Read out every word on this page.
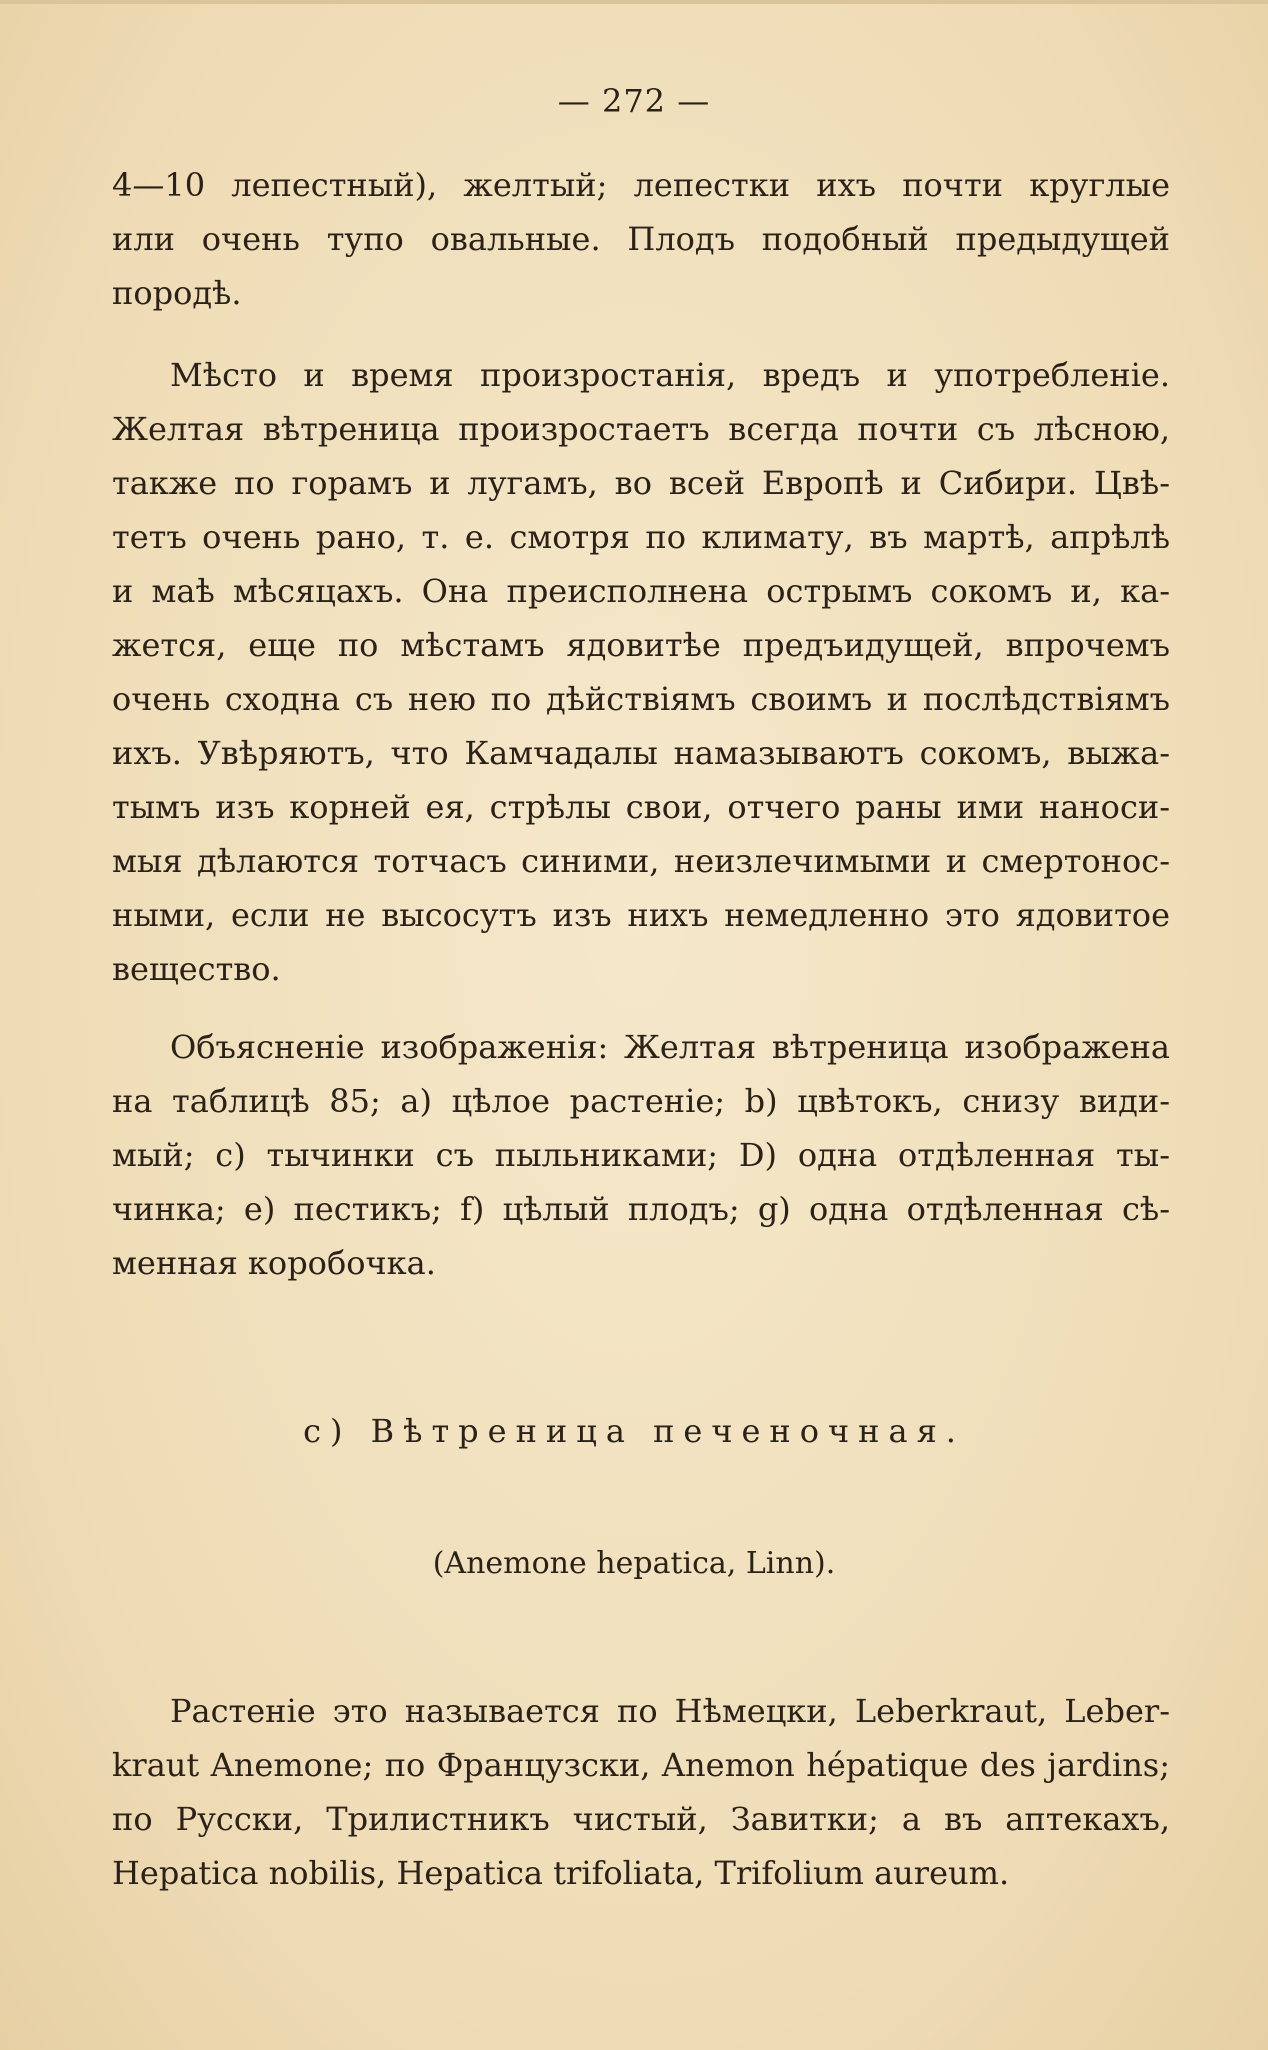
— 272 —
4—10 лепестный), желтый; лепестки ихъ почти круглые
или очень тупо овальные. Плодъ подобный предыдущей
породѣ.
Мѣсто и время произростанія, вредъ и употребленіе.
Желтая вѣтреница произростаетъ всегда почти съ лѣсною,
также по горамъ и лугамъ, во всей Европѣ и Сибири. Цвѣ-
тетъ очень рано, т. е. смотря по климату, въ мартѣ, апрѣлѣ
и маѣ мѣсяцахъ. Она преисполнена острымъ сокомъ и, ка-
жется, еще по мѣстамъ ядовитѣе предъидущей, впрочемъ
очень сходна съ нею по дѣйствіямъ своимъ и послѣдствіямъ
ихъ. Увѣряютъ, что Камчадалы намазываютъ сокомъ, выжа-
тымъ изъ корней ея, стрѣлы свои, отчего раны ими наноси-
мыя дѣлаются тотчасъ синими, неизлечимыми и смертонос-
ными, если не высосутъ изъ нихъ немедленно это ядовитое
вещество.
Объясненіе изображенія: Желтая вѣтреница изображена
на таблицѣ 85; a) цѣлое растеніе; b) цвѣтокъ, снизу види-
мый; c) тычинки съ пыльниками; D) одна отдѣленная ты-
чинка; e) пестикъ; f) цѣлый плодъ; g) одна отдѣленная сѣ-
менная коробочка.
c) Вѣтреница печеночная.
(Anemone hepatica, Linn).
Растеніе это называется по Нѣмецки, Leberkraut, Leber-
kraut Anemone; по Французски, Anemon hépatique des jardins;
по Русски, Трилистникъ чистый, Завитки; а въ аптекахъ,
Hepatica nobilis, Hepatica trifoliata, Trifolium aureum.
